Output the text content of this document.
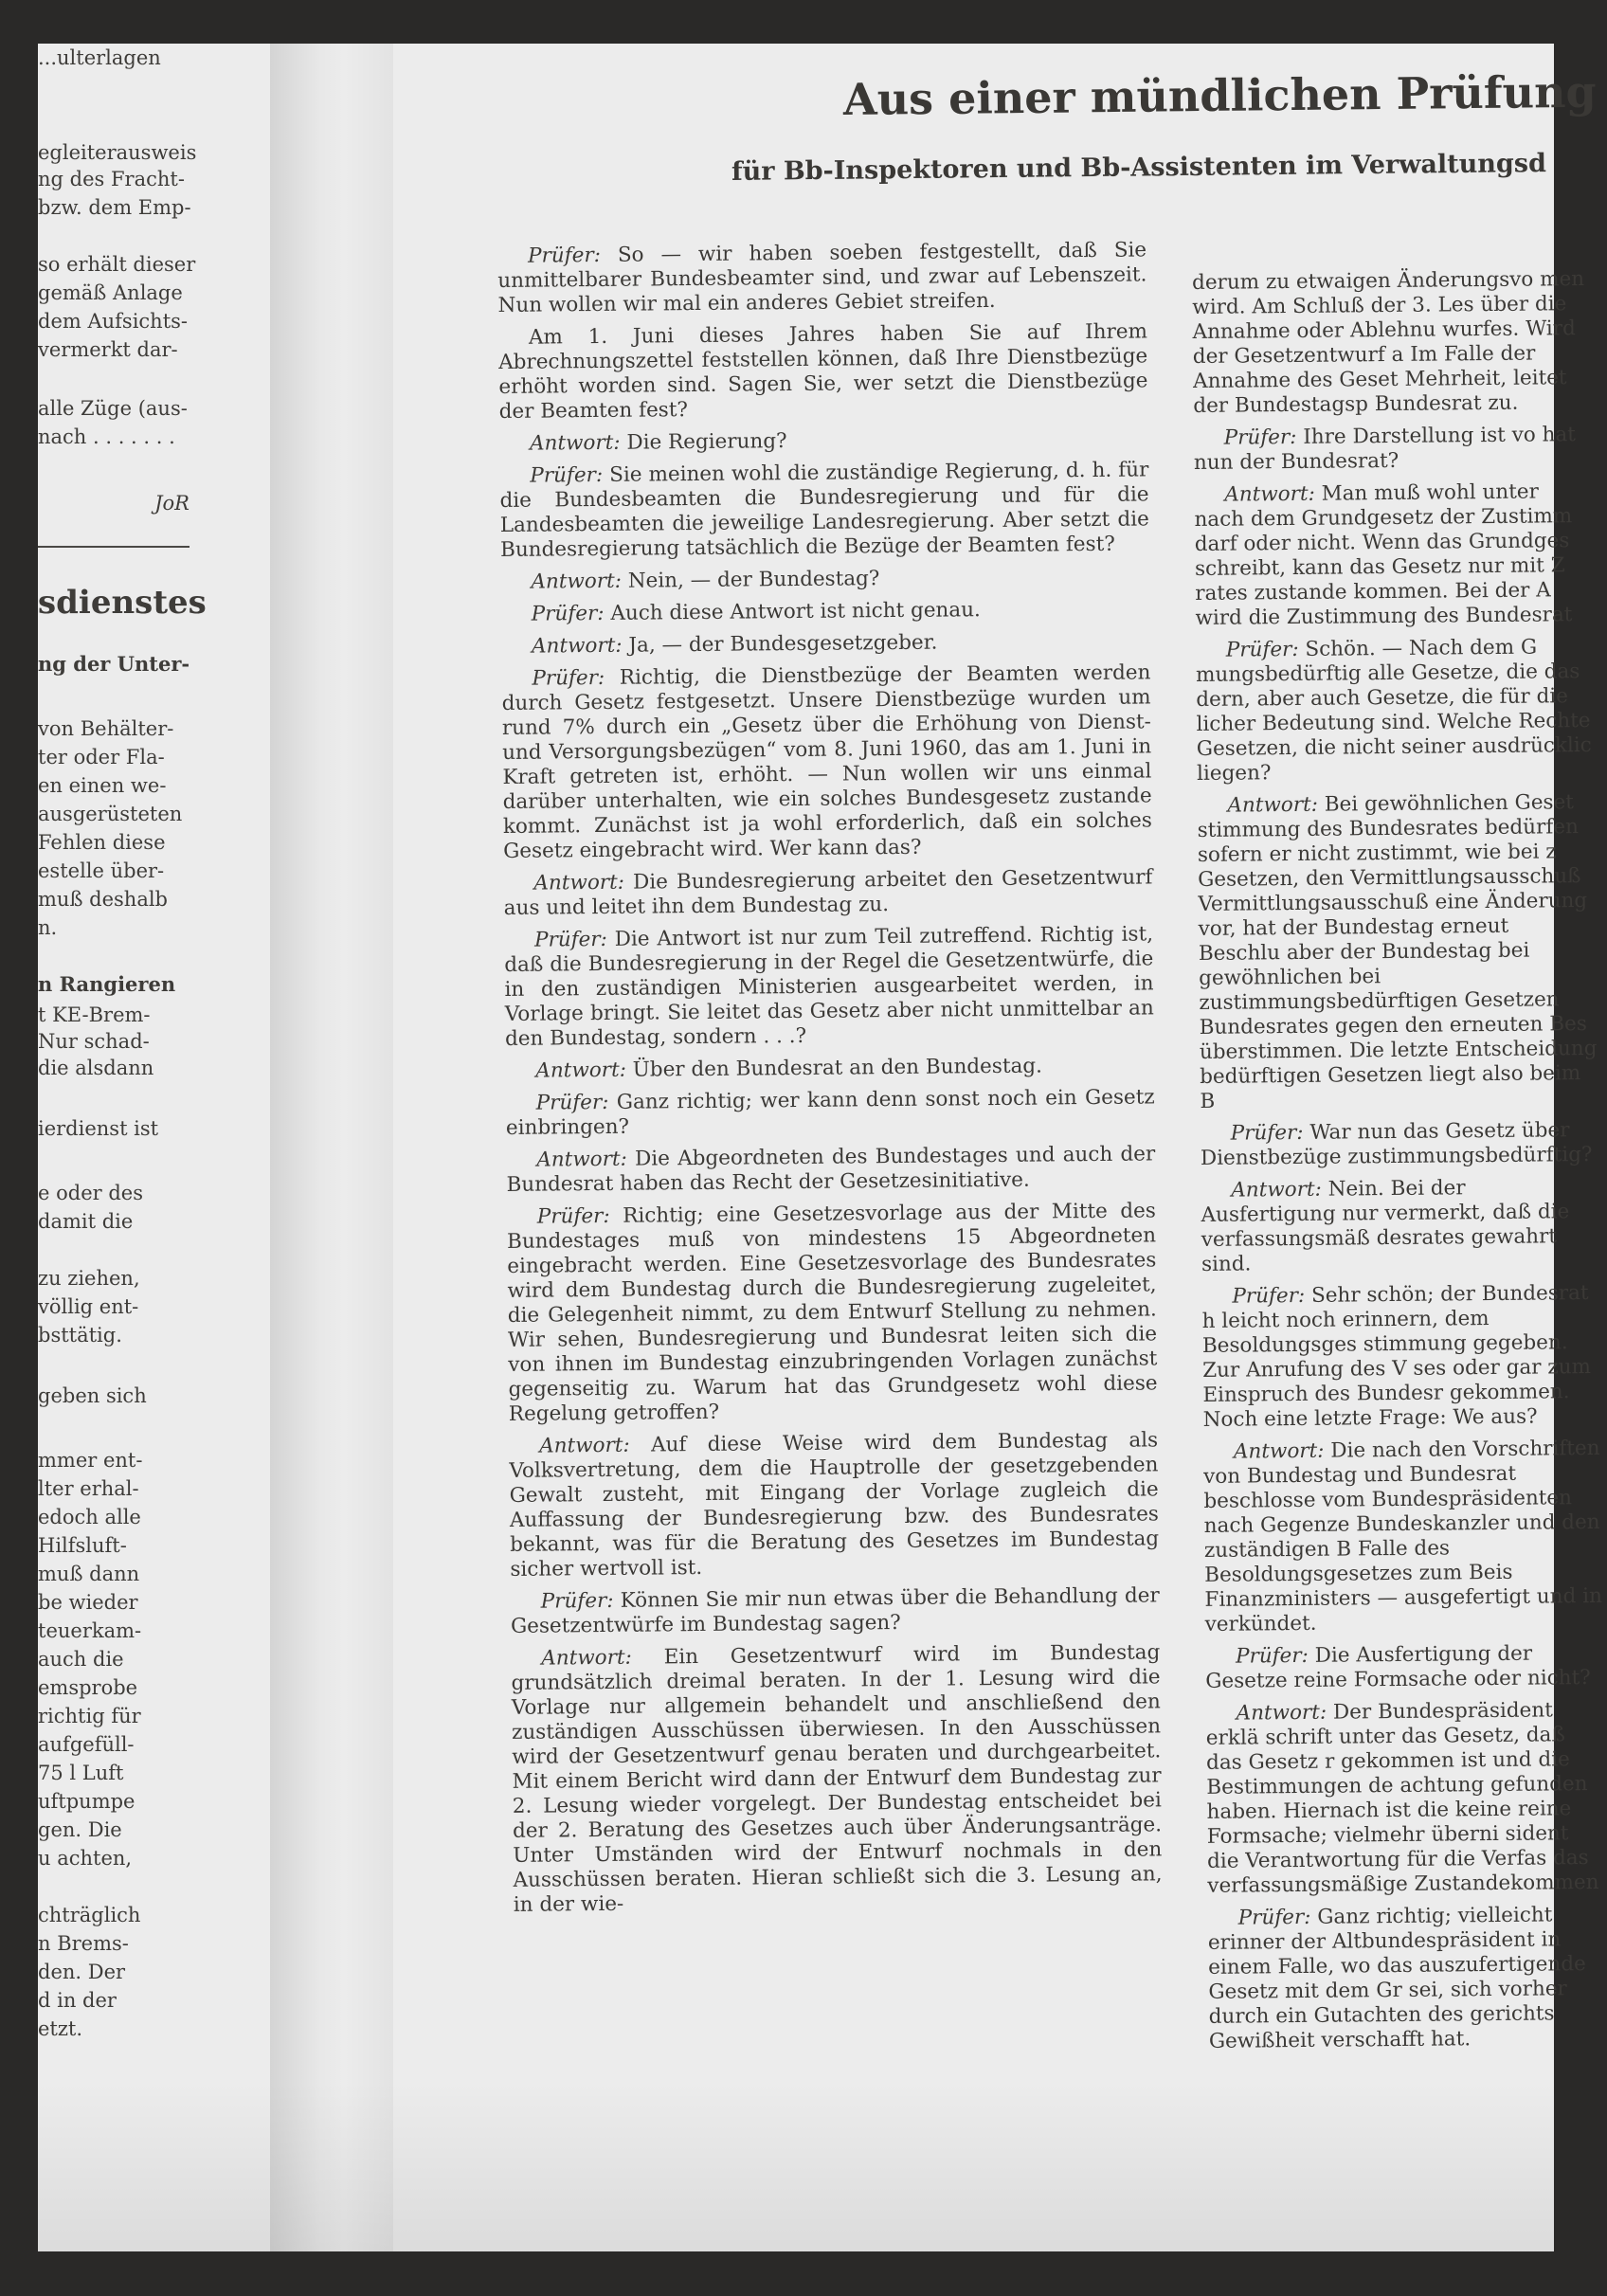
...ulterlagen
egleiterausweis
ng des Fracht-
bzw. dem Emp-
so erhält dieser
gemäß Anlage
dem Aufsichts-
vermerkt dar-
alle Züge (aus-
nach . . . . . . .
JoR
sdienstes
ng der Unter-
von Behälter-
ter oder Fla-
en einen we-
ausgerüsteten
Fehlen diese
estelle über-
muß deshalb
n.
n Rangieren
t KE-Brem-
Nur schad-
die alsdann
ierdienst ist
e oder des
damit die
zu ziehen,
völlig ent-
bsttätig.
geben sich
mmer ent-
lter erhal-
edoch alle
Hilfsluft-
muß dann
be wieder
teuerkam-
auch die
emsprobe
richtig für
aufgefüll-
75 l Luft
uftpumpe
gen. Die
u achten,
chträglich
n Brems-
den. Der
d in der
etzt.
Aus einer mündlichen Prüfung
für Bb-Inspektoren und Bb-Assistenten im Verwaltungsd

Prüfer: So — wir haben soeben festgestellt, daß Sie unmittelbarer Bundesbeamter sind, und zwar auf Lebenszeit. Nun wollen wir mal ein anderes Gebiet streifen.

Am 1. Juni dieses Jahres haben Sie auf Ihrem Abrechnungszettel feststellen können, daß Ihre Dienstbezüge erhöht worden sind. Sagen Sie, wer setzt die Dienstbezüge der Beamten fest?

Antwort: Die Regierung?

Prüfer: Sie meinen wohl die zuständige Regierung, d. h. für die Bundesbeamten die Bundesregierung und für die Landesbeamten die jeweilige Landesregierung. Aber setzt die Bundesregierung tatsächlich die Bezüge der Beamten fest?

Antwort: Nein, — der Bundestag?

Prüfer: Auch diese Antwort ist nicht genau.

Antwort: Ja, — der Bundesgesetzgeber.

Prüfer: Richtig, die Dienstbezüge der Beamten werden durch Gesetz festgesetzt. Unsere Dienstbezüge wurden um rund 7% durch ein „Gesetz über die Erhöhung von Dienst- und Versorgungsbezügen“ vom 8. Juni 1960, das am 1. Juni in Kraft getreten ist, erhöht. — Nun wollen wir uns einmal darüber unterhalten, wie ein solches Bundesgesetz zustande kommt. Zunächst ist ja wohl erforderlich, daß ein solches Gesetz eingebracht wird. Wer kann das?

Antwort: Die Bundesregierung arbeitet den Gesetzentwurf aus und leitet ihn dem Bundestag zu.

Prüfer: Die Antwort ist nur zum Teil zutreffend. Richtig ist, daß die Bundesregierung in der Regel die Gesetzentwürfe, die in den zuständigen Ministerien ausgearbeitet werden, in Vorlage bringt. Sie leitet das Gesetz aber nicht unmittelbar an den Bundestag, sondern . . .?

Antwort: Über den Bundesrat an den Bundestag.

Prüfer: Ganz richtig; wer kann denn sonst noch ein Gesetz einbringen?

Antwort: Die Abgeordneten des Bundestages und auch der Bundesrat haben das Recht der Gesetzesinitiative.

Prüfer: Richtig; eine Gesetzesvorlage aus der Mitte des Bundestages muß von mindestens 15 Abgeordneten eingebracht werden. Eine Gesetzesvorlage des Bundesrates wird dem Bundestag durch die Bundesregierung zugeleitet, die Gelegenheit nimmt, zu dem Entwurf Stellung zu nehmen. Wir sehen, Bundesregierung und Bundesrat leiten sich die von ihnen im Bundestag einzubringenden Vorlagen zunächst gegenseitig zu. Warum hat das Grundgesetz wohl diese Regelung getroffen?

Antwort: Auf diese Weise wird dem Bundestag als Volksvertretung, dem die Hauptrolle der gesetzgebenden Gewalt zusteht, mit Eingang der Vorlage zugleich die Auffassung der Bundesregierung bzw. des Bundesrates bekannt, was für die Beratung des Gesetzes im Bundestag sicher wertvoll ist.

Prüfer: Können Sie mir nun etwas über die Behandlung der Gesetzentwürfe im Bundestag sagen?

Antwort: Ein Gesetzentwurf wird im Bundestag grundsätzlich dreimal beraten. In der 1. Lesung wird die Vorlage nur allgemein behandelt und anschließend den zuständigen Ausschüssen überwiesen. In den Ausschüssen wird der Gesetzentwurf genau beraten und durchgearbeitet. Mit einem Bericht wird dann der Entwurf dem Bundestag zur 2. Lesung wieder vorgelegt. Der Bundestag entscheidet bei der 2. Beratung des Gesetzes auch über Änderungsanträge. Unter Umständen wird der Entwurf nochmals in den Ausschüssen beraten. Hieran schließt sich die 3. Lesung an, in der wie-

derum zu etwaigen Änderungsvo men wird. Am Schluß der 3. Les über die Annahme oder Ablehnu wurfes. Wird der Gesetzentwurf a Im Falle der Annahme des Geset Mehrheit, leitet der Bundestagsp Bundesrat zu.

Prüfer: Ihre Darstellung ist vo hat nun der Bundesrat?

Antwort: Man muß wohl unter nach dem Grundgesetz der Zustimm darf oder nicht. Wenn das Grundges schreibt, kann das Gesetz nur mit Z rates zustande kommen. Bei der A wird die Zustimmung des Bundesrat

Prüfer: Schön. — Nach dem G mungsbedürftig alle Gesetze, die das dern, aber auch Gesetze, die für die licher Bedeutung sind. Welche Rechte Gesetzen, die nicht seiner ausdrücklic liegen?

Antwort: Bei gewöhnlichen Geset stimmung des Bundesrates bedürfen sofern er nicht zustimmt, wie bei z Gesetzen, den Vermittlungsausschuß Vermittlungsausschuß eine Änderung vor, hat der Bundestag erneut Beschlu aber der Bundestag bei gewöhnlichen bei zustimmungsbedürftigen Gesetzen Bundesrates gegen den erneuten Bes überstimmen. Die letzte Entscheidung bedürftigen Gesetzen liegt also beim B

Prüfer: War nun das Gesetz über Dienstbezüge zustimmungsbedürftig?

Antwort: Nein. Bei der Ausfertigung nur vermerkt, daß die verfassungsmäß desrates gewahrt sind.

Prüfer: Sehr schön; der Bundesrat h leicht noch erinnern, dem Besoldungsges stimmung gegeben. Zur Anrufung des V ses oder gar zum Einspruch des Bundesr gekommen. Noch eine letzte Frage: We aus?

Antwort: Die nach den Vorschriften von Bundestag und Bundesrat beschlosse vom Bundespräsidenten nach Gegenze Bundeskanzler und den zuständigen B Falle des Besoldungsgesetzes zum Beis Finanzministers — ausgefertigt und in verkündet.

Prüfer: Die Ausfertigung der Gesetze reine Formsache oder nicht?

Antwort: Der Bundespräsident erklä schrift unter das Gesetz, daß das Gesetz r gekommen ist und die Bestimmungen de achtung gefunden haben. Hiernach ist die keine reine Formsache; vielmehr überni sident die Verantwortung für die Verfas das verfassungsmäßige Zustandekommen

Prüfer: Ganz richtig; vielleicht erinner der Altbundespräsident in einem Falle, wo das auszufertigende Gesetz mit dem Gr sei, sich vorher durch ein Gutachten des gerichts Gewißheit verschafft hat.
